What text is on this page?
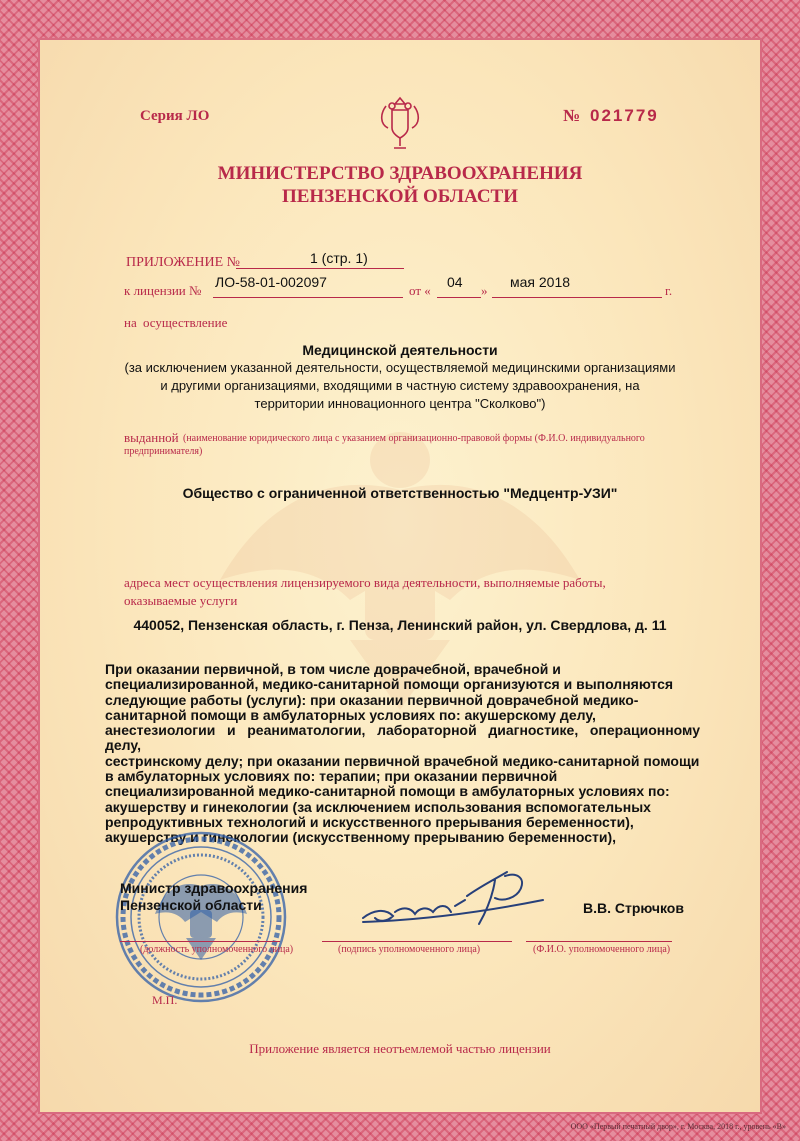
Серия ЛО	№ 021779
МИНИСТЕРСТВО ЗДРАВООХРАНЕНИЯ
ПЕНЗЕНСКОЙ ОБЛАСТИ
ПРИЛОЖЕНИЕ №	1 (стр. 1)
к лицензии №
ЛО-58-01-002097
от «
04
»
мая 2018
г.
на осуществление
Медицинской деятельности
(за исключением указанной деятельности, осуществляемой медицинскими организациями
и другими организациями, входящими в частную систему здравоохранения, на
территории инновационного центра "Сколково")
выданной (наименование юридического лица с указанием организационно-правовой формы (Ф.И.О. индивидуального
предпринимателя)
Общество с ограниченной ответственностью "Медцентр-УЗИ"
адреса мест осуществления лицензируемого вида деятельности, выполняемые работы,
оказываемые услуги
440052, Пензенская область, г. Пенза, Ленинский район, ул. Свердлова, д. 11

При оказании первичной, в том числе доврачебной, врачебной и

специализированной, медико-санитарной помощи организуются и выполняются

следующие работы (услуги): при оказании первичной доврачебной медико-

санитарной помощи в амбулаторных условиях по: акушерскому делу,

анестезиологии и реаниматологии, лабораторной диагностике, операционному делу,

сестринскому делу; при оказании первичной врачебной медико-санитарной помощи

в амбулаторных условиях по: терапии; при оказании первичной

специализированной медико-санитарной помощи в амбулаторных условиях по:

акушерству и гинекологии (за исключением использования вспомогательных

репродуктивных технологий и искусственного прерывания беременности),

акушерству и гинекологии (искусственному прерыванию беременности),

Министр здравоохранения
Пензенской области
(должность уполномоченного лица)	(подпись уполномоченного лица)
В.В. Стрючков
(Ф.И.О. уполномоченного лица)
М.П.
Приложение является неотъемлемой частью лицензии
ООО «Первый печатный двор», г. Москва, 2018 г., уровень «В»
